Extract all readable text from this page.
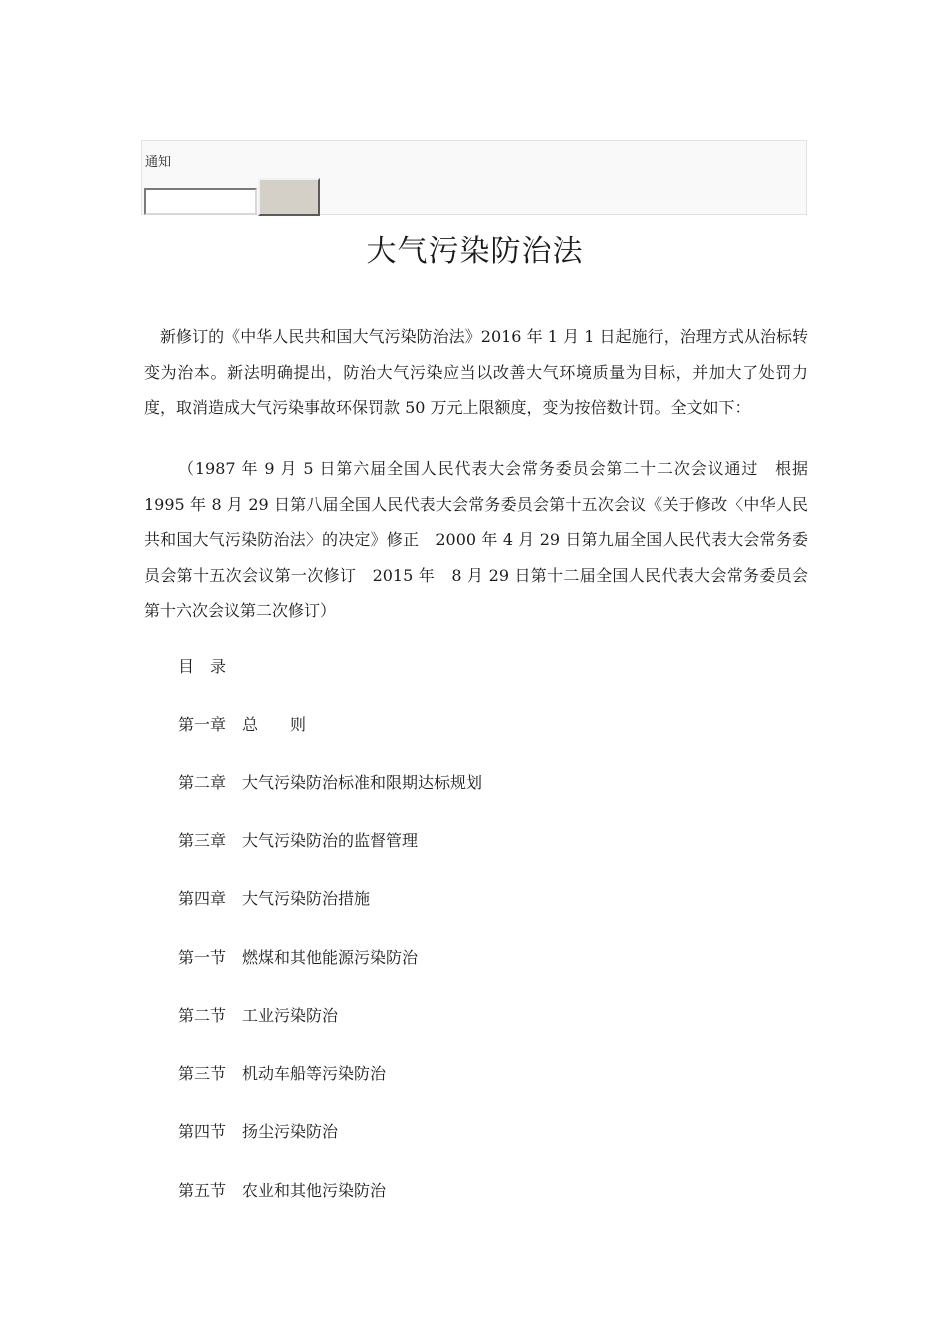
通知
大气污染防治法

新修订的《中华人民共和国大气污染防治法》2016 年 1 月 1 日起施行，治理方式从治标转变为治本。新法明确提出，防治大气污染应当以改善大气环境质量为目标，并加大了处罚力度，取消造成大气污染事故环保罚款 50 万元上限额度，变为按倍数计罚。全文如下：

（1987 年 9 月 5 日第六届全国人民代表大会常务委员会第二十二次会议通过　根据 1995 年 8 月 29 日第八届全国人民代表大会常务委员会第十五次会议《关于修改〈中华人民共和国大气污染防治法〉的决定》修正　2000 年 4 月 29 日第九届全国人民代表大会常务委员会第十五次会议第一次修订　2015 年　8 月 29 日第十二届全国人民代表大会常务委员会第十六次会议第二次修订）

目　录

第一章　总　　则

第二章　大气污染防治标准和限期达标规划

第三章　大气污染防治的监督管理

第四章　大气污染防治措施

第一节　燃煤和其他能源污染防治

第二节　工业污染防治

第三节　机动车船等污染防治

第四节　扬尘污染防治

第五节　农业和其他污染防治
